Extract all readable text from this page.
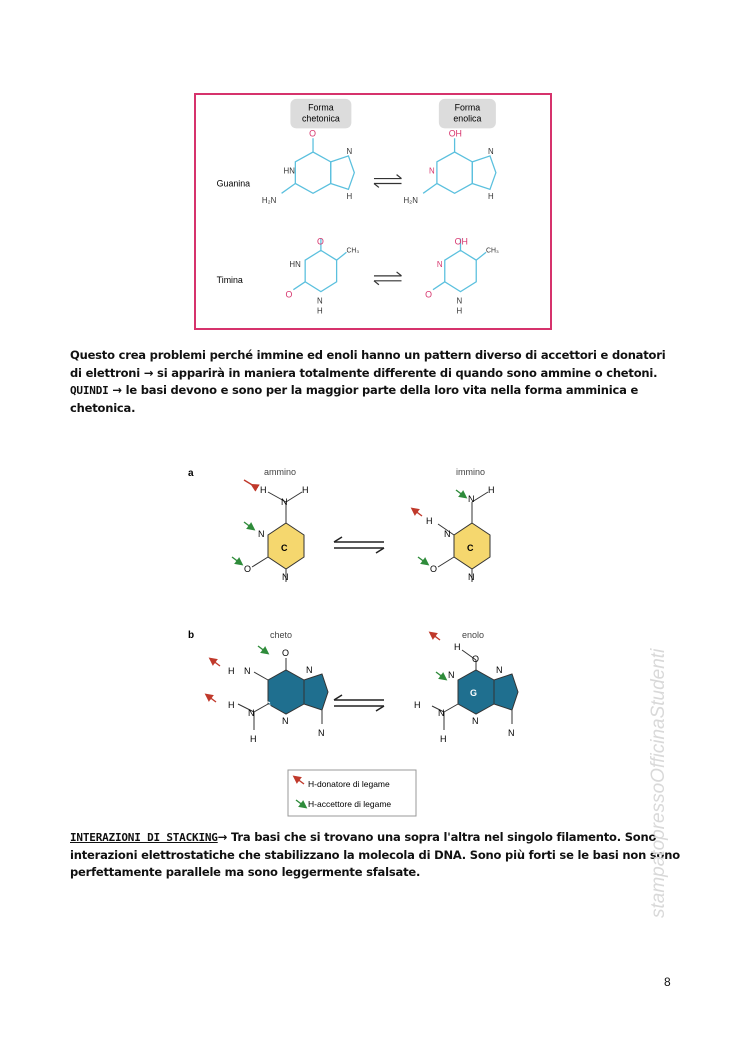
Forma
chetonica
Forma
enolica
Guanina
Timina
O
HN
N
H
H₂N
OH
N
N
H
H₂N
O
HN
CH₃
O
N
H
OH
N
CH₃
O
N
H
Questo crea problemi perché immine ed enoli hanno un pattern diverso di accettori e donatori di elettroni → si apparirà in maniera totalmente differente di quando sono ammine o chetoni. QUINDI → le basi devono e sono per la maggior parte della loro vita nella forma amminica e chetonica.
a	ammino	immino
C
N
H	H
N
O
N
C
N
H
N
H
O
N
b	cheto	enolo
G
O
N
H	N
N
N
H
N
H
G
O
H
N	N
N
N
H
N
H
H-donatore di legame
H-accettore di legame
INTERAZIONI DI STACKING→ Tra basi che si trovano una sopra l'altra nel singolo filamento. Sono interazioni elettrostatiche che stabilizzano la molecola di DNA. Sono più forti se le basi non sono perfettamente parallele ma sono leggermente sfalsate.	stampatopressoOfficinaStudenti
8
